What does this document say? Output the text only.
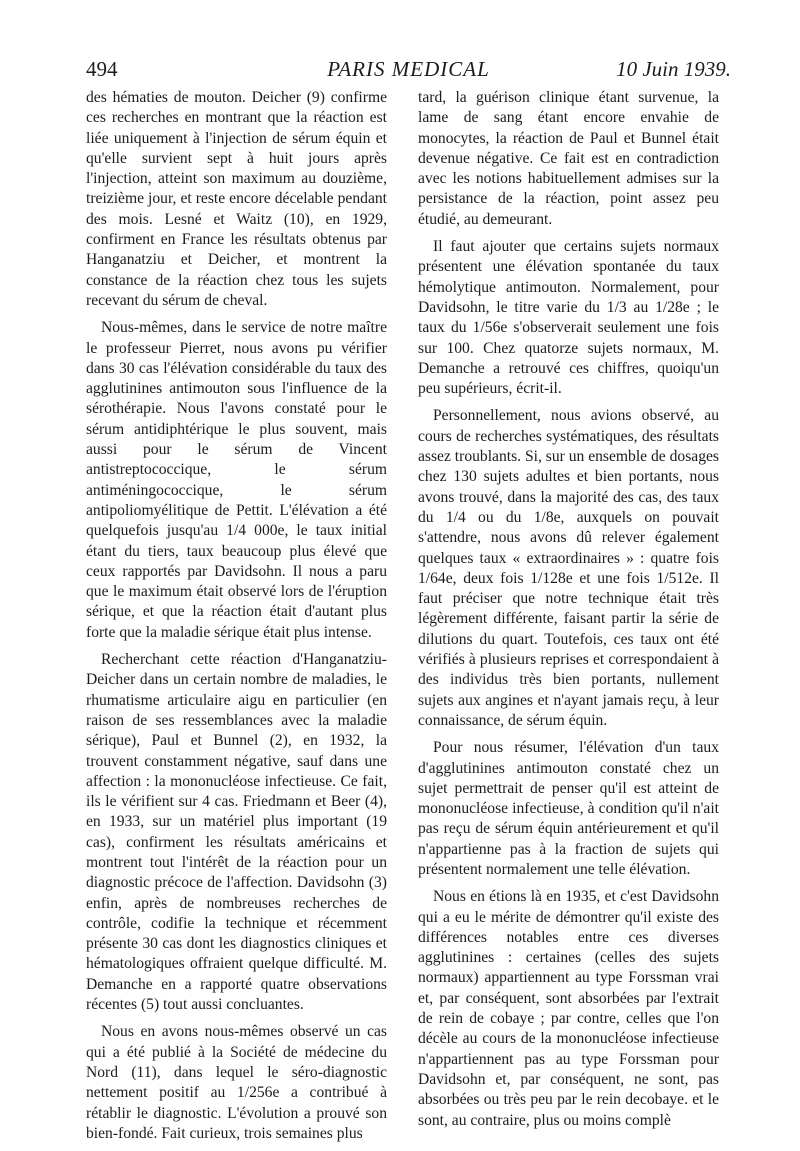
494	PARIS MEDICAL	10 Juin 1939.

des hématies de mouton. Deicher (9) confirme ces recherches en montrant que la réaction est liée uniquement à l'injection de sérum équin et qu'elle survient sept à huit jours après l'injection, atteint son maximum au douzième, treizième jour, et reste encore décelable pendant des mois. Lesné et Waitz (10), en 1929, confirment en France les résultats obtenus par Hanganatziu et Deicher, et montrent la constance de la réaction chez tous les sujets recevant du sérum de cheval.

Nous-mêmes, dans le service de notre maître le professeur Pierret, nous avons pu vérifier dans 30 cas l'élévation considérable du taux des agglutinines antimouton sous l'influence de la sérothérapie. Nous l'avons constaté pour le sérum antidiphtérique le plus souvent, mais aussi pour le sérum de Vincent antistreptococcique, le sérum antiméningococcique, le sérum antipoliomyélitique de Pettit. L'élévation a été quelquefois jusqu'au 1/4 000e, le taux initial étant du tiers, taux beaucoup plus élevé que ceux rapportés par Davidsohn. Il nous a paru que le maximum était observé lors de l'éruption sérique, et que la réaction était d'autant plus forte que la maladie sérique était plus intense.

Recherchant cette réaction d'Hanganatziu-Deicher dans un certain nombre de maladies, le rhumatisme articulaire aigu en particulier (en raison de ses ressemblances avec la maladie sérique), Paul et Bunnel (2), en 1932, la trouvent constamment négative, sauf dans une affection : la mononucléose infectieuse. Ce fait, ils le vérifient sur 4 cas. Friedmann et Beer (4), en 1933, sur un matériel plus important (19 cas), confirment les résultats américains et montrent tout l'intérêt de la réaction pour un diagnostic précoce de l'affection. Davidsohn (3) enfin, après de nombreuses recherches de contrôle, codifie la technique et récemment présente 30 cas dont les diagnostics cliniques et hématologiques offraient quelque difficulté. M. Demanche en a rapporté quatre observations récentes (5) tout aussi concluantes.

Nous en avons nous-mêmes observé un cas qui a été publié à la Société de médecine du Nord (11), dans lequel le séro-diagnostic nettement positif au 1/256e a contribué à rétablir le diagnostic. L'évolution a prouvé son bien-fondé. Fait curieux, trois semaines plus

tard, la guérison clinique étant survenue, la lame de sang étant encore envahie de monocytes, la réaction de Paul et Bunnel était devenue négative. Ce fait est en contradiction avec les notions habituellement admises sur la persistance de la réaction, point assez peu étudié, au demeurant.

Il faut ajouter que certains sujets normaux présentent une élévation spontanée du taux hémolytique antimouton. Normalement, pour Davidsohn, le titre varie du 1/3 au 1/28e ; le taux du 1/56e s'observerait seulement une fois sur 100. Chez quatorze sujets normaux, M. Demanche a retrouvé ces chiffres, quoiqu'un peu supérieurs, écrit-il.

Personnellement, nous avions observé, au cours de recherches systématiques, des résultats assez troublants. Si, sur un ensemble de dosages chez 130 sujets adultes et bien portants, nous avons trouvé, dans la majorité des cas, des taux du 1/4 ou du 1/8e, auxquels on pouvait s'attendre, nous avons dû relever également quelques taux « extraordinaires » : quatre fois 1/64e, deux fois 1/128e et une fois 1/512e. Il faut préciser que notre technique était très légèrement différente, faisant partir la série de dilutions du quart. Toutefois, ces taux ont été vérifiés à plusieurs reprises et correspondaient à des individus très bien portants, nullement sujets aux angines et n'ayant jamais reçu, à leur connaissance, de sérum équin.

Pour nous résumer, l'élévation d'un taux d'agglutinines antimouton constaté chez un sujet permettrait de penser qu'il est atteint de mononucléose infectieuse, à condition qu'il n'ait pas reçu de sérum équin antérieurement et qu'il n'appartienne pas à la fraction de sujets qui présentent normalement une telle élévation.

Nous en étions là en 1935, et c'est Davidsohn qui a eu le mérite de démontrer qu'il existe des différences notables entre ces diverses agglutinines : certaines (celles des sujets normaux) appartiennent au type Forssman vrai et, par conséquent, sont absorbées par l'extrait de rein de cobaye ; par contre, celles que l'on décèle au cours de la mononucléose infectieuse n'appartiennent pas au type Forssman pour Davidsohn et, par conséquent, ne sont, pas absorbées ou très peu par le rein decobaye. et le sont, au contraire, plus ou moins complè
